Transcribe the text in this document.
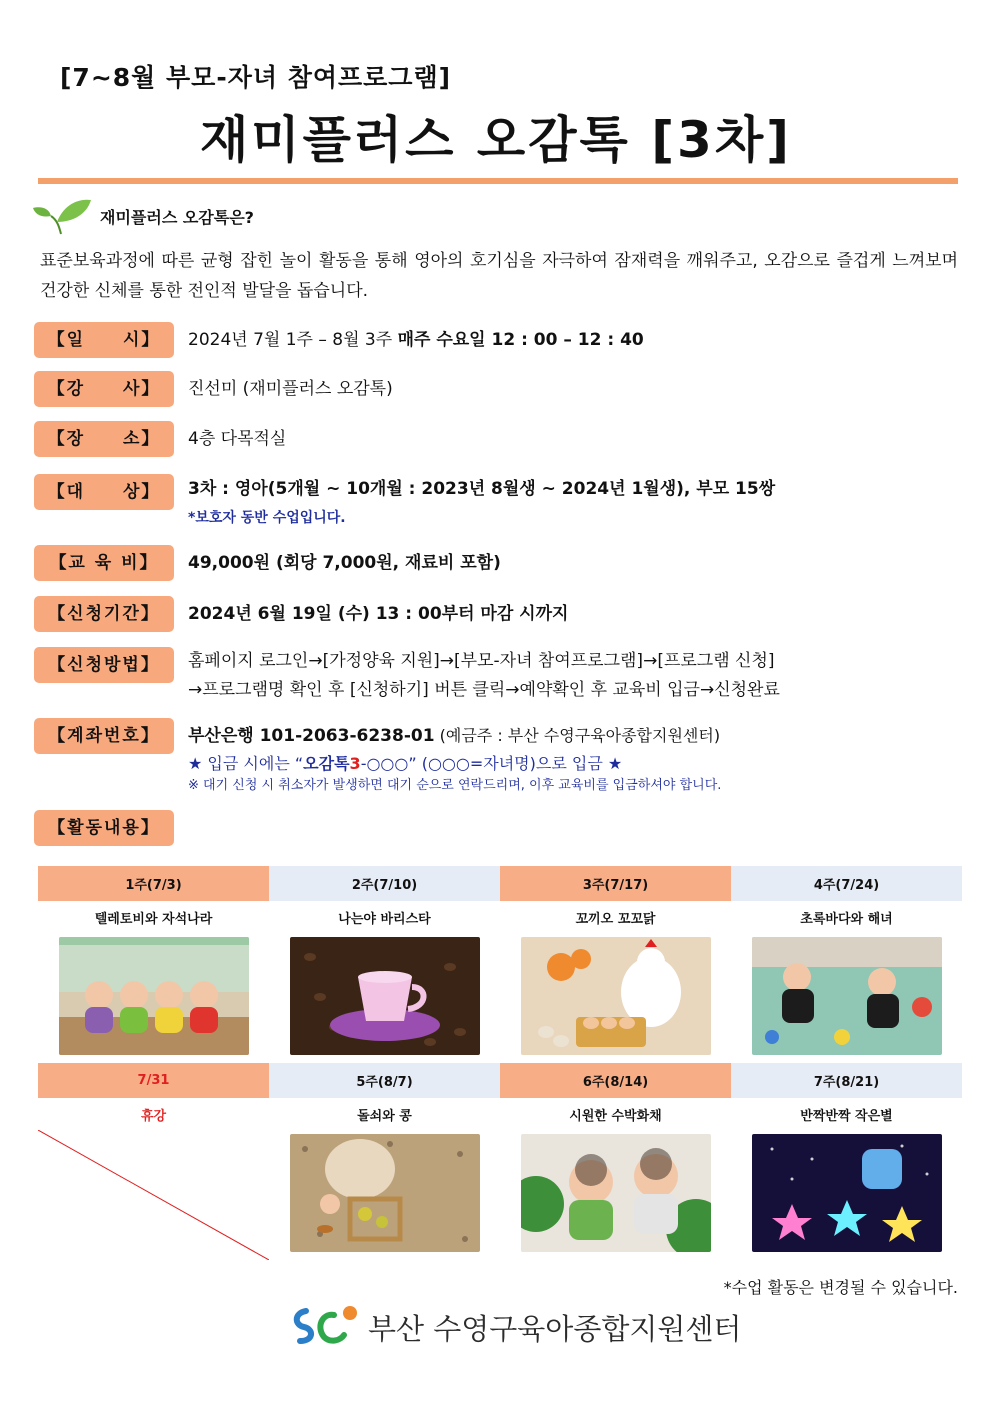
[7~8월 부모-자녀 참여프로그램]
재미플러스 오감톡 [3차]
재미플러스 오감톡은?
표준보육과정에 따른 균형 잡힌 놀이 활동을 통해 영아의 호기심을 자극하여 잠재력을 깨워주고, 오감으로 즐겁게 느껴보며 건강한 신체를 통한 전인적 발달을 돕습니다.
【일　　시】	2024년 7월 1주 – 8월 3주 매주 수요일 12 : 00 – 12 : 40
【강　　사】	진선미 (재미플러스 오감톡)
【장　　소】	4층 다목적실
【대　　상】	3차 : 영아(5개월 ~ 10개월 : 2023년 8월생 ~ 2024년 1월생), 부모 15쌍
*보호자 동반 수업입니다.
【교 육 비】	49,000원 (회당 7,000원, 재료비 포함)
【신청기간】	2024년 6월 19일 (수) 13 : 00부터 마감 시까지
【신청방법】	홈페이지 로그인→[가정양육 지원]→[부모-자녀 참여프로그램]→[프로그램 신청]
→프로그램명 확인 후 [신청하기] 버튼 클릭→예약확인 후 교육비 입금→신청완료
【계좌번호】	부산은행 101-2063-6238-01 (예금주 : 부산 수영구육아종합지원센터)
★ 입금 시에는 “오감톡3-○○○” (○○○=자녀명)으로 입금 ★
※ 대기 신청 시 취소자가 발생하면 대기 순으로 연락드리며, 이후 교육비를 입금하셔야 합니다.
【활동내용】
1주(7/3)	2주(7/10)	3주(7/17)	4주(7/24)
텔레토비와 자석나라	나는야 바리스타	꼬끼오 꼬꼬닭	초록바다와 해녀

7/31	5주(8/7)	6주(8/14)	7주(8/21)
휴강	돌쇠와 콩	시원한 수박화채	반짝반짝 작은별

*수업 활동은 변경될 수 있습니다.
부산 수영구육아종합지원센터
